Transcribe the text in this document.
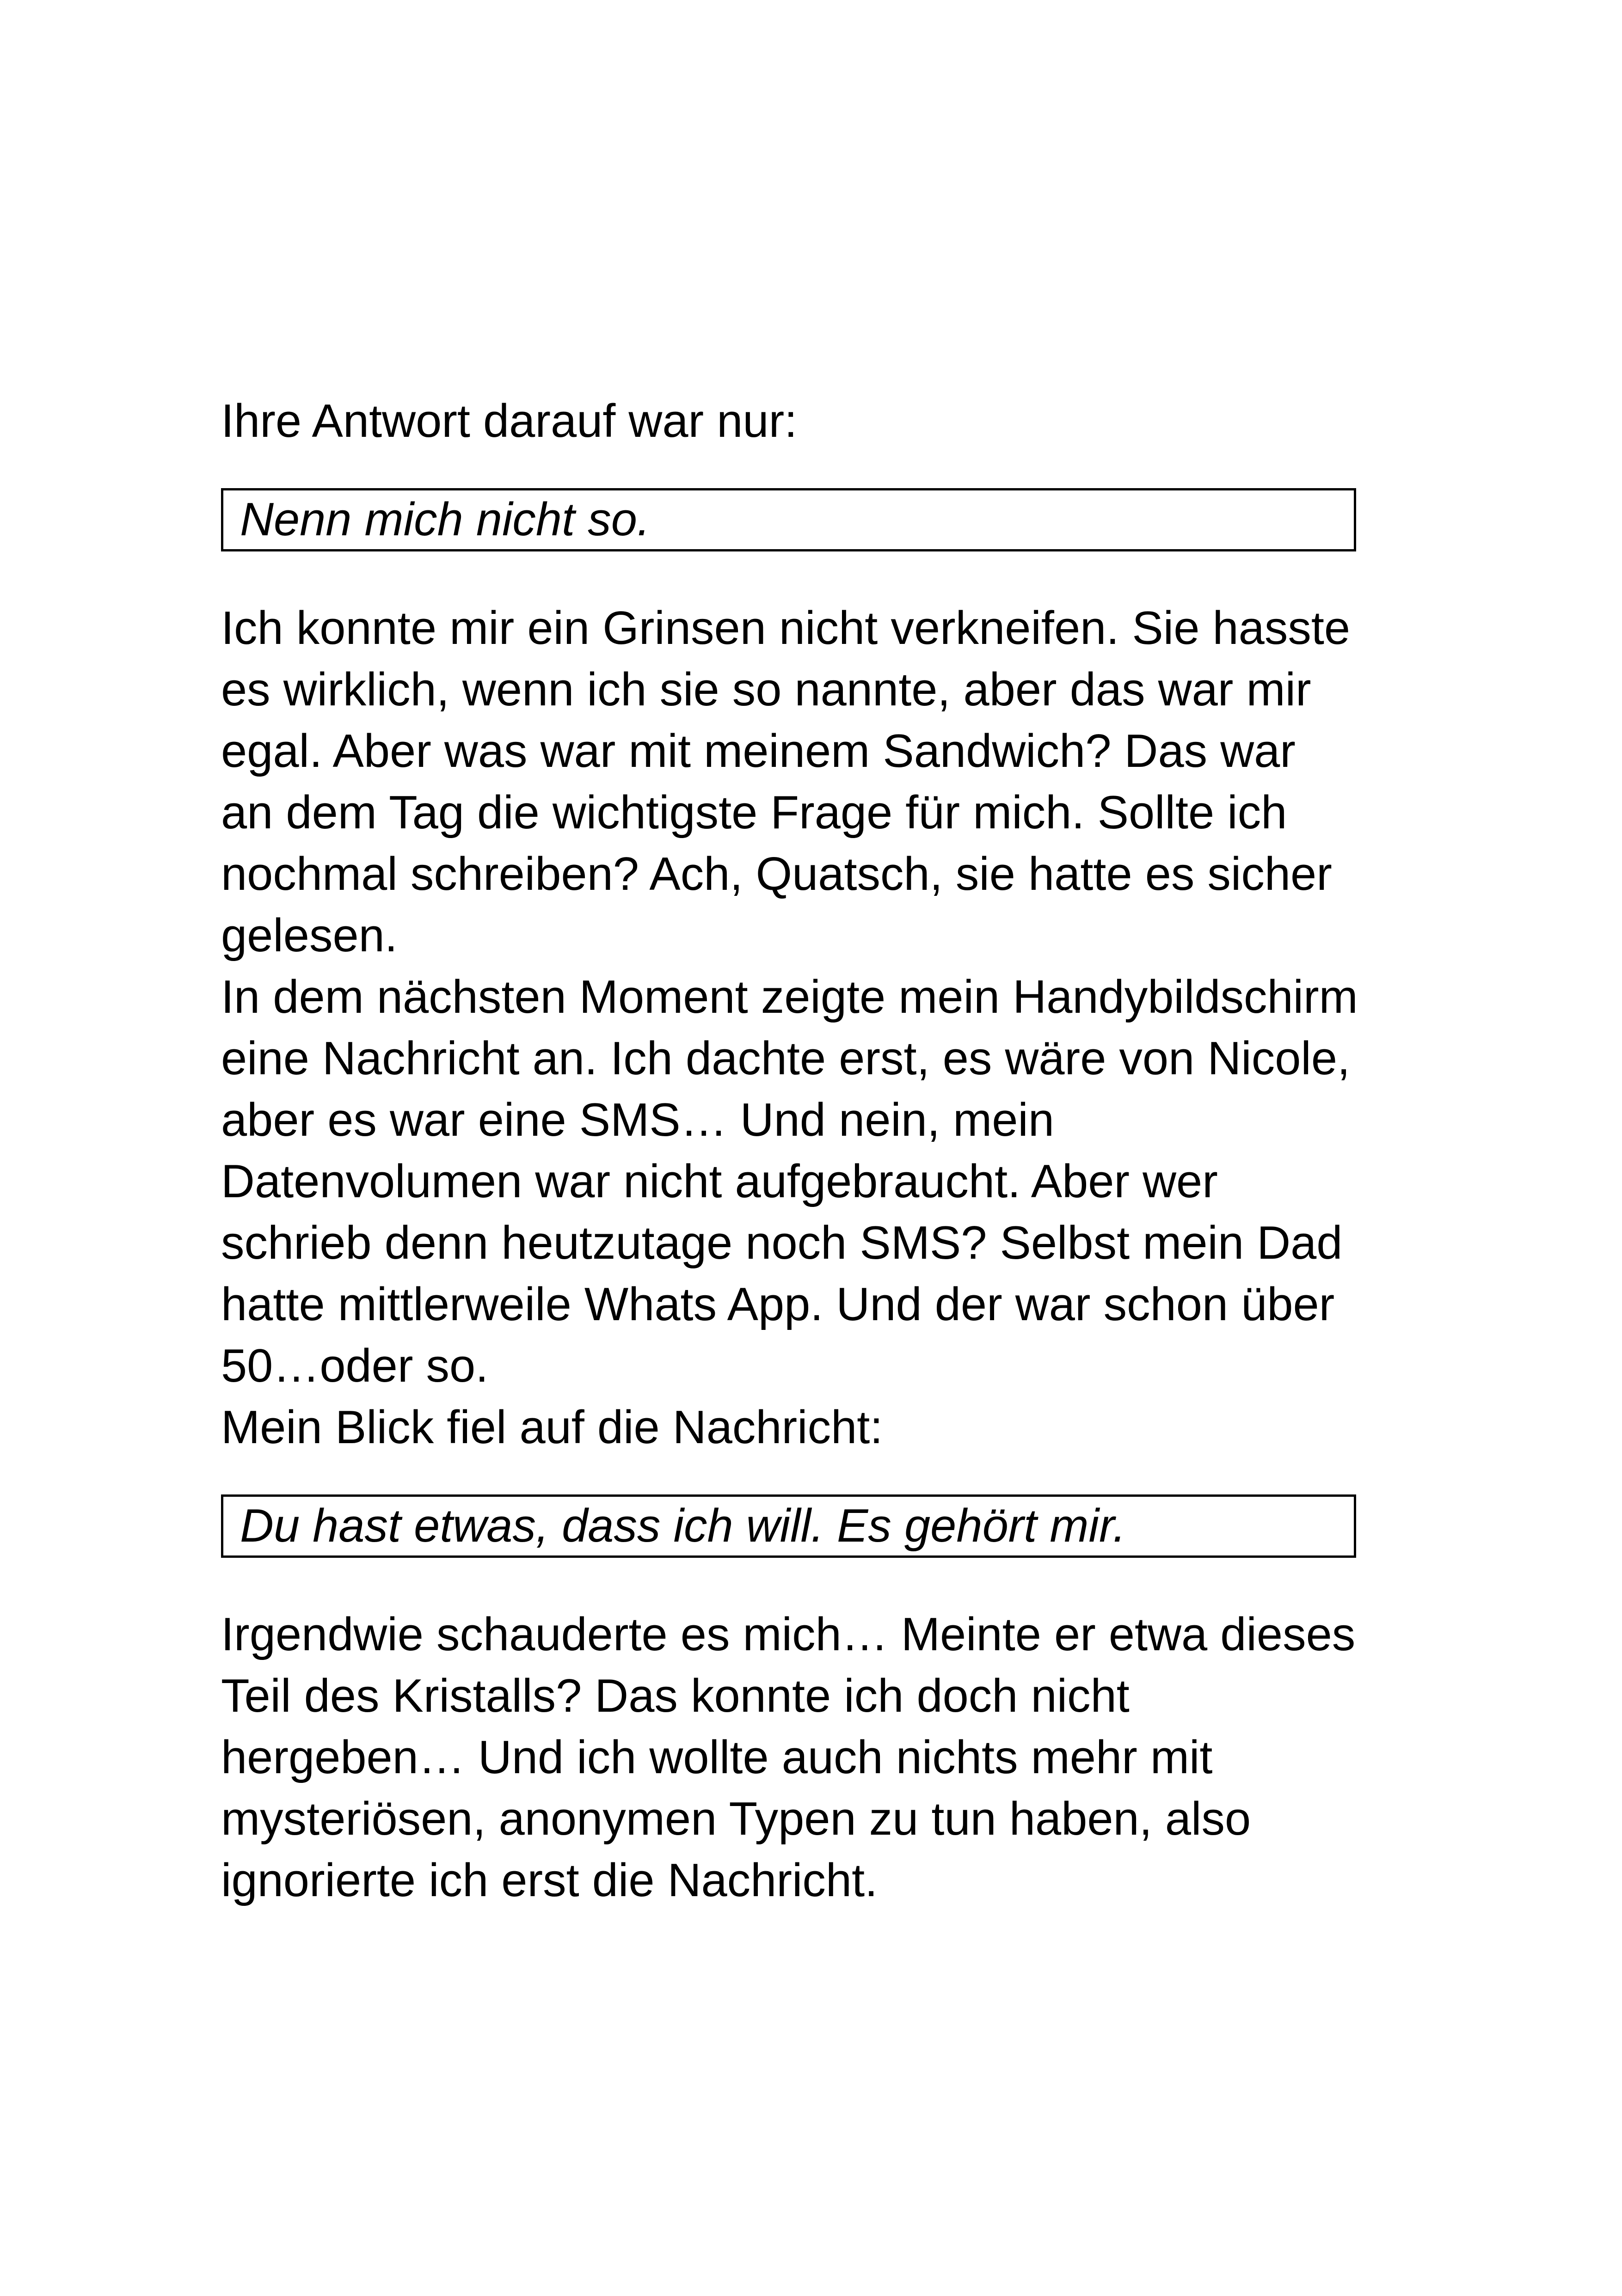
Ihre Antwort darauf war nur:

Nenn mich nicht so.

Ich konnte mir ein Grinsen nicht verkneifen. Sie hasste
es wirklich, wenn ich sie so nannte, aber das war mir
egal. Aber was war mit meinem Sandwich? Das war
an dem Tag die wichtigste Frage für mich. Sollte ich
nochmal schreiben? Ach, Quatsch, sie hatte es sicher
gelesen.
In dem nächsten Moment zeigte mein Handybildschirm
eine Nachricht an. Ich dachte erst, es wäre von Nicole,
aber es war eine SMS… Und nein, mein
Datenvolumen war nicht aufgebraucht. Aber wer
schrieb denn heutzutage noch SMS? Selbst mein Dad
hatte mittlerweile Whats App. Und der war schon über
50…oder so.
Mein Blick fiel auf die Nachricht:

Du hast etwas, dass ich will. Es gehört mir.

Irgendwie schauderte es mich… Meinte er etwa dieses
Teil des Kristalls? Das konnte ich doch nicht
hergeben… Und ich wollte auch nichts mehr mit
mysteriösen, anonymen Typen zu tun haben, also
ignorierte ich erst die Nachricht.
